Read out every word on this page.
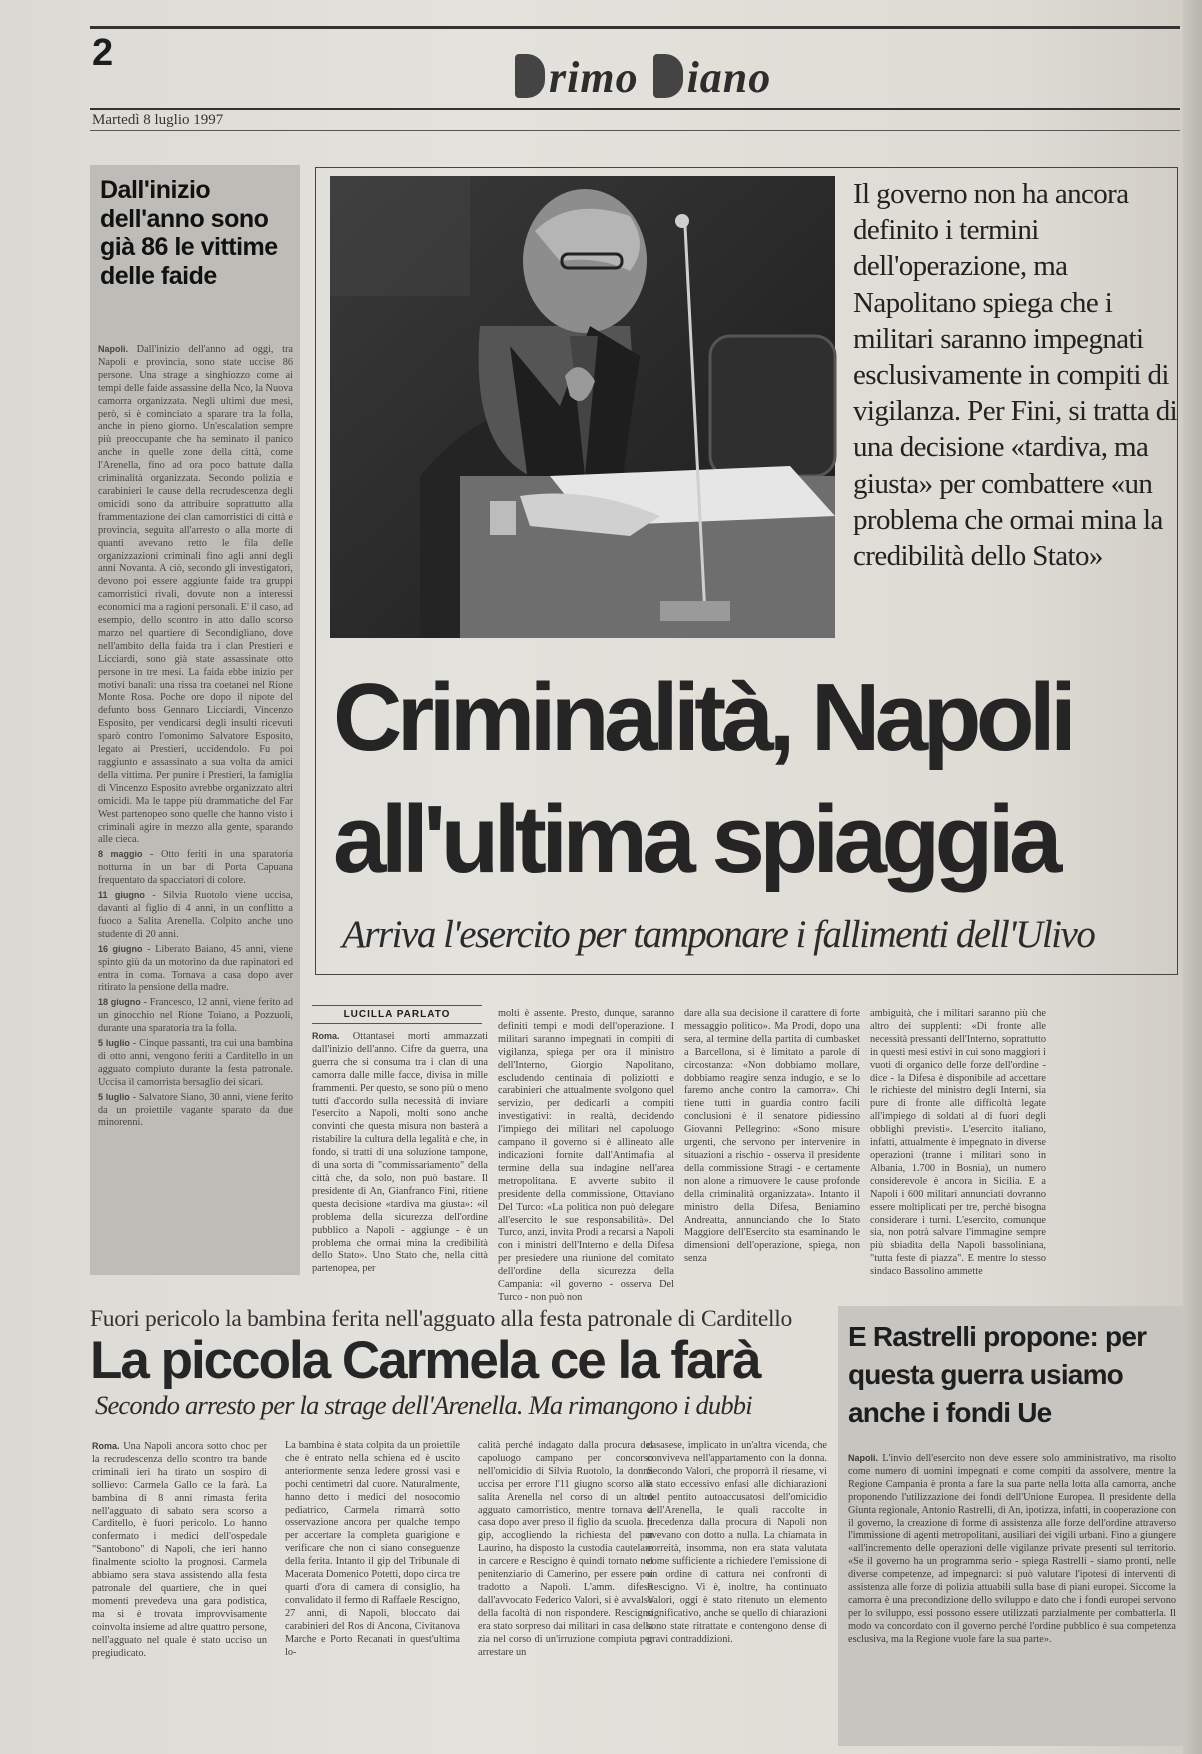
2	rimo iano
Martedì 8 luglio 1997
Dall'inizio dell'anno sono già 86 le vittime delle faide

Napoli. Dall'inizio dell'anno ad oggi, tra Napoli e provincia, sono state uccise 86 persone. Una strage a singhiozzo come ai tempi delle faide assassine della Nco, la Nuova camorra organizzata. Negli ultimi due mesi, però, si è cominciato a sparare tra la folla, anche in pieno giorno. Un'escalation sempre più preoccupante che ha seminato il panico anche in quelle zone della città, come l'Arenella, fino ad ora poco battute dalla criminalità organizzata. Secondo polizia e carabinieri le cause della recrudescenza degli omicidi sono da attribuire soprattutto alla frammentazione dei clan camorristici di città e provincia, seguita all'arresto o alla morte di quanti avevano retto le fila delle organizzazioni criminali fino agli anni degli anni Novanta. A ciò, secondo gli investigatori, devono poi essere aggiunte faide tra gruppi camorristici rivali, dovute non a interessi economici ma a ragioni personali. E' il caso, ad esempio, dello scontro in atto dallo scorso marzo nel quartiere di Secondigliano, dove nell'ambito della faida tra i clan Prestieri e Licciardi, sono già state assassinate otto persone in tre mesi. La faida ebbe inizio per motivi banali: una rissa tra coetanei nel Rione Monte Rosa. Poche ore dopo il nipote del defunto boss Gennaro Licciardi, Vincenzo Esposito, per vendicarsi degli insulti ricevuti sparò contro l'omonimo Salvatore Esposito, legato ai Prestieri, uccidendolo. Fu poi raggiunto e assassinato a sua volta da amici della vittima. Per punire i Prestieri, la famiglia di Vincenzo Esposito avrebbe organizzato altri omicidi. Ma le tappe più drammatiche del Far West partenopeo sono quelle che hanno visto i criminali agire in mezzo alla gente, sparando alle cieca.

8 maggio - Otto feriti in una sparatoria notturna in un bar di Porta Capuana frequentato da spacciatori di colore.

11 giugno - Silvia Ruotolo viene uccisa, davanti al figlio di 4 anni, in un conflitto a fuoco a Salita Arenella. Colpito anche uno studente di 20 anni.

16 giugno - Liberato Baiano, 45 anni, viene spinto giù da un motorino da due rapinatori ed entra in coma. Tornava a casa dopo aver ritirato la pensione della madre.

18 giugno - Francesco, 12 anni, viene ferito ad un ginocchio nel Rione Toiano, a Pozzuoli, durante una sparatoria tra la folla.

5 luglio - Cinque passanti, tra cui una bambina di otto anni, vengono feriti a Carditello in un agguato compiuto durante la festa patronale. Uccisa il camorrista bersaglio dei sicari.

5 luglio - Salvatore Siano, 30 anni, viene ferito da un proiettile vagante sparato da due minorenni.

Il governo non ha ancora definito i termini dell'operazione, ma Napolitano spiega che i militari saranno impegnati esclusivamente in compiti di vigilanza. Per Fini, si tratta di una decisione «tardiva, ma giusta» per combattere «un problema che ormai mina la credibilità dello Stato»
Criminalità, Napoli
all'ultima spiaggia
Arriva l'esercito per tamponare i fallimenti dell'Ulivo
LUCILLA PARLATO
Roma. Ottantasei morti ammazzati dall'inizio dell'anno. Cifre da guerra, una guerra che si consuma tra i clan di una camorra dalle mille facce, divisa in mille frammenti. Per questo, se sono più o meno tutti d'accordo sulla necessità di inviare l'esercito a Napoli, molti sono anche convinti che questa misura non basterà a ristabilire la cultura della legalità e che, in fondo, si tratti di una soluzione tampone, di una sorta di "commissariamento" della città che, da solo, non può bastare. Il presidente di An, Gianfranco Fini, ritiene questa decisione «tardiva ma giusta»: «il problema della sicurezza dell'ordine pubblico a Napoli - aggiunge - è un problema che ormai mina la credibilità dello Stato». Uno Stato che, nella città partenopea, per
molti è assente. Presto, dunque, saranno definiti tempi e modi dell'operazione. I militari saranno impegnati in compiti di vigilanza, spiega per ora il ministro dell'Interno, Giorgio Napolitano, escludendo centinaia di poliziotti e carabinieri che attualmente svolgono quel servizio, per dedicarli a compiti investigativi: in realtà, decidendo l'impiego dei militari nel capoluogo campano il governo si è allineato alle indicazioni fornite dall'Antimafia al termine della sua indagine nell'area metropolitana. E avverte subito il presidente della commissione, Ottaviano Del Turco: «La politica non può delegare all'esercito le sue responsabilità». Del Turco, anzi, invita Prodi a recarsi a Napoli con i ministri dell'Interno e della Difesa per presiedere una riunione del comitato dell'ordine della sicurezza della Campania: «il governo - osserva Del Turco - non può non
dare alla sua decisione il carattere di forte messaggio politico». Ma Prodi, dopo una sera, al termine della partita di cumbasket a Barcellona, si è limitato a parole di circostanza: «Non dobbiamo mollare, dobbiamo reagire senza indugio, e se lo faremo anche contro la camorra». Chi tiene tutti in guardia contro facili conclusioni è il senatore pidiessino Giovanni Pellegrino: «Sono misure urgenti, che servono per intervenire in situazioni a rischio - osserva il presidente della commissione Stragi - e certamente non alone a rimuovere le cause profonde della criminalità organizzata». Intanto il ministro della Difesa, Beniamino Andreatta, annunciando che lo Stato Maggiore dell'Esercito sta esaminando le dimensioni dell'operazione, spiega, non senza
ambiguità, che i militari saranno più che altro dei supplenti: «Di fronte alle necessità pressanti dell'Interno, soprattutto in questi mesi estivi in cui sono maggiori i vuoti di organico delle forze dell'ordine - dice - la Difesa è disponibile ad accettare le richieste del ministro degli Interni, sia pure di fronte alle difficoltà legate all'impiego di soldati al di fuori degli obblighi previsti». L'esercito italiano, infatti, attualmente è impegnato in diverse operazioni (tranne i militari sono in Albania, 1.700 in Bosnia), un numero considerevole è ancora in Sicilia. E a Napoli i 600 militari annunciati dovranno essere moltiplicati per tre, perché bisogna considerare i turni. L'esercito, comunque sia, non potrà salvare l'immagine sempre più sbiadita della Napoli bassoliniana, "tutta feste di piazza". E mentre lo stesso sindaco Bassolino ammette
Fuori pericolo la bambina ferita nell'agguato alla festa patronale di Carditello
La piccola Carmela ce la farà
Secondo arresto per la strage dell'Arenella. Ma rimangono i dubbi
Roma. Una Napoli ancora sotto choc per la recrudescenza dello scontro tra bande criminali ieri ha tirato un sospiro di sollievo: Carmela Gallo ce la farà. La bambina di 8 anni rimasta ferita nell'agguato di sabato sera scorso a Carditello, è fuori pericolo. Lo hanno confermato i medici dell'ospedale "Santobono" di Napoli, che ieri hanno finalmente sciolto la prognosi. Carmela abbiamo sera stava assistendo alla festa patronale del quartiere, che in quei momenti prevedeva una gara podistica, ma si è trovata improvvisamente coinvolta insieme ad altre quattro persone, nell'agguato nel quale è stato ucciso un pregiudicato.
La bambina è stata colpita da un proiettile che è entrato nella schiena ed è uscito anteriormente senza ledere grossi vasi e pochi centimetri dal cuore. Naturalmente, hanno detto i medici del nosocomio pediatrico, Carmela rimarrà sotto osservazione ancora per qualche tempo per accertare la completa guarigione e verificare che non ci siano conseguenze della ferita. Intanto il gip del Tribunale di Macerata Domenico Potetti, dopo circa tre quarti d'ora di camera di consiglio, ha convalidato il fermo di Raffaele Rescigno, 27 anni, di Napoli, bloccato dai carabinieri del Ros di Ancona, Civitanova Marche e Porto Recanati in quest'ultima lo-
calità perché indagato dalla procura del capoluogo campano per concorso nell'omicidio di Silvia Ruotolo, la donna uccisa per errore l'11 giugno scorso alla salita Arenella nel corso di un altro agguato camorristico, mentre tornava a casa dopo aver preso il figlio da scuola. Il gip, accogliendo la richiesta del pm Laurino, ha disposto la custodia cautelare in carcere e Rescigno è quindi tornato nel penitenziario di Camerino, per essere poi tradotto a Napoli. L'amm. difeso dall'avvocato Federico Valori, si è avvalso della facoltà di non rispondere. Rescigno era stato sorpreso dai militari in casa della zia nel corso di un'irruzione compiuta per arrestare un
casasese, implicato in un'altra vicenda, che conviveva nell'appartamento con la donna. Secondo Valori, che proporrà il riesame, vi è stato eccessivo enfasi alle dichiarazioni del pentito autoaccusatosi dell'omicidio dell'Arenella, le quali raccolte in precedenza dalla procura di Napoli non avevano con dotto a nulla. La chiamata in correità, insomma, non era stata valutata come sufficiente a richiedere l'emissione di un ordine di cattura nei confronti di Rescigno. Vi è, inoltre, ha continuato Valori, oggi è stato ritenuto un elemento significativo, anche se quello di chiarazioni sono state ritrattate e contengono dense di gravi contraddizioni.
E Rastrelli propone: per questa guerra usiamo anche i fondi Ue
Napoli. L'invio dell'esercito non deve essere solo amministrativo, ma risolto come numero di uomini impegnati e come compiti da assolvere, mentre la Regione Campania è pronta a fare la sua parte nella lotta alla camorra, anche proponendo l'utilizzazione dei fondi dell'Unione Europea. Il presidente della Giunta regionale, Antonio Rastrelli, di An, ipotizza, infatti, in cooperazione con il governo, la creazione di forme di assistenza alle forze dell'ordine attraverso l'immissione di agenti metropolitani, ausiliari dei vigili urbani. Fino a giungere «all'incremento delle operazioni delle vigilanze private presenti sul territorio. «Se il governo ha un programma serio - spiega Rastrelli - siamo pronti, nelle diverse competenze, ad impegnarci: si può valutare l'ipotesi di interventi di assistenza alle forze di polizia attuabili sulla base di piani europei. Siccome la camorra è una precondizione dello sviluppo e dato che i fondi europei servono per lo sviluppo, essi possono essere utilizzati parzialmente per combatterla. Il modo va concordato con il governo perché l'ordine pubblico è sua competenza esclusiva, ma la Regione vuole fare la sua parte».
